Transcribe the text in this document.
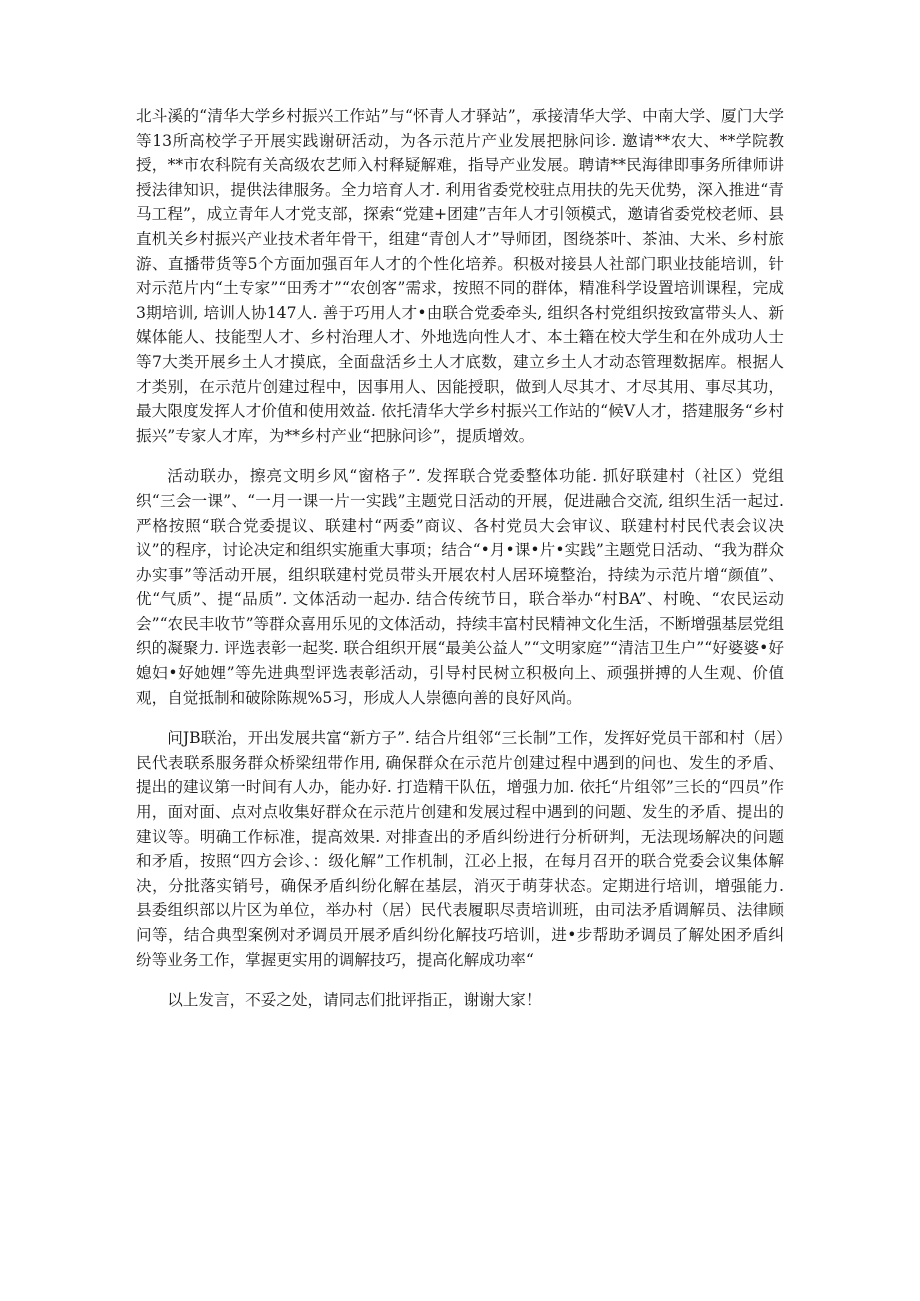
北斗溪的“清华大学乡村振兴工作站”与“怀青人才驿站”，承接清华大学、中南大学、厦门大学等13所高校学子开展实践谢研活动，为各示范片产业发展把脉问诊. 邀请**农大、**学院教授，**市农科院有关高级农艺师入村释疑解难，指导产业发展。聘请**民海律即事务所律师讲授法律知识，提供法律服务。全力培育人才. 利用省委党校驻点用扶的先天优势，深入推进“青马工程”，成立青年人才党支部，探索“党建+团建”吉年人才引领模式，邀请省委党校老师、县直机关乡村振兴产业技术者年骨干，组建“青创人才”导师团，图绕茶叶、茶油、大米、乡村旅游、直播带货等5个方面加强百年人才的个性化培养。积极对接县人社部门职业技能培训，针对示范片内“土专家”“田秀才”“农创客”需求，按照不同的群体，精准科学设置培训课程，完成3期培训, 培训人协147人. 善于巧用人才•由联合党委牵头, 组织各村党组织按致富带头人、新媒体能人、技能型人才、乡村治理人才、外地选向性人才、本土籍在校大学生和在外成功人士等7大类开展乡土人才摸底，全面盘活乡土人才底数，建立乡土人才动态管理数据库。根据人才类别，在示范片创建过程中，因事用人、因能授职，做到人尽其才、才尽其用、事尽其功，最大限度发挥人才价值和使用效益. 依托清华大学乡村振兴工作站的“候V人才，搭建服务“乡村振兴”专家人才库，为**乡村产业“把脉问诊”，提质增效。

活动联办，擦亮文明乡风“窗格子”. 发挥联合党委整体功能. 抓好联建村（社区）党组织“三会一课”、“一月一课一片一实践”主题党日活动的开展，促进融合交流, 组织生活一起过. 严格按照“联合党委提议、联建村“两委”商议、各村党员大会审议、联建村村民代表会议决议”的程序，讨论决定和组织实施重大事项；结合“•月•课•片•实践”主题党日活动、“我为群众办实事”等活动开展，组织联建村党员带头开展农村人居环境整治，持续为示范片增“颜值”、优“气质”、提“品质”. 文体活动一起办. 结合传统节日，联合举办“村BA”、村晚、“农民运动会”“农民丰收节”等群众喜用乐见的文体活动，持续丰富村民精神文化生活，不断增强基层党组织的凝聚力. 评选表彰一起奖. 联合组织开展“最美公益人”“文明家庭”“清洁卫生户”“好婆婆•好媳妇•好她娌”等先进典型评选表彰活动，引导村民树立积极向上、顽强拼搏的人生观、价值观，自觉抵制和破除陈规%5习，形成人人崇德向善的良好风尚。

问JB联治，开出发展共富“新方子”. 结合片组邻“三长制”工作，发挥好党员干部和村（居）民代表联系服务群众桥梁纽带作用, 确保群众在示范片创建过程中遇到的问也、发生的矛盾、提出的建议第一时间有人办，能办好. 打造精干队伍，增强力加. 依托“片组邻”三长的“四员”作用，面对面、点对点收集好群众在示范片创建和发展过程中遇到的问题、发生的矛盾、提出的建议等。明确工作标准，提高效果. 对排查出的矛盾纠纷进行分析研判，无法现场解决的问题和矛盾，按照“四方会诊、：级化解”工作机制，江必上报，在每月召开的联合党委会议集体解决，分批落实销号，确保矛盾纠纷化解在基层，消灭于萌芽状态。定期进行培训，增强能力. 县委组织部以片区为单位，举办村（居）民代表履职尽责培训班，由司法矛盾调解员、法律顾问等，结合典型案例对矛调员开展矛盾纠纷化解技巧培训，进•步帮助矛调员了解处困矛盾纠纷等业务工作，掌握更实用的调解技巧，提高化解成功率“

以上发言，不妥之处，请同志们批评指正，谢谢大家！
